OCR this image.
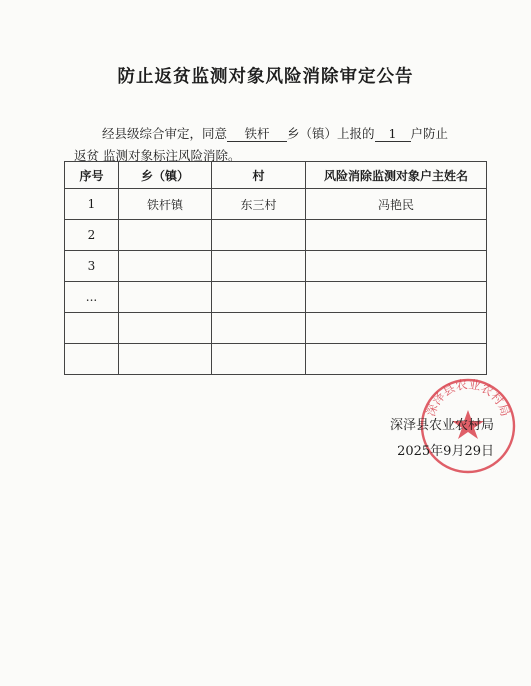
防止返贫监测对象风险消除审定公告
经县级综合审定，同意 铁杆 乡（镇）上报的 1 户防止
返贫 监测对象标注风险消除。
序号	乡（镇）	村	风险消除监测对象户主姓名
1	铁杆镇	东三村	冯艳民
2			
3			
...			

深泽县农业农村局
深泽县农业农村局
2025年9月29日
